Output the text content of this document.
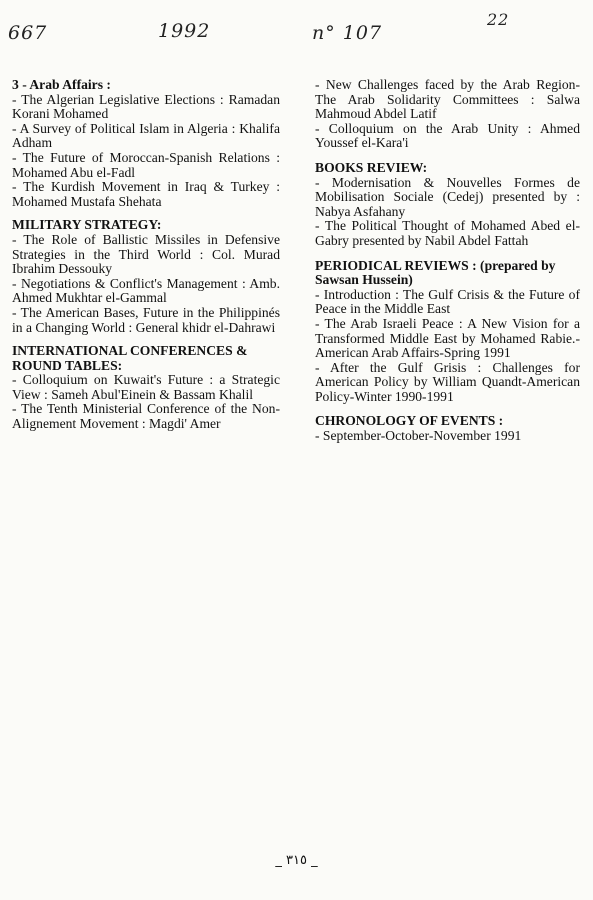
667	1992	n° 107
22
3 - Arab Affairs :
- The Algerian Legislative Elections : Ramadan Korani Mohamed
- A Survey of Political Islam in Algeria : Khalifa Adham
- The Future of Moroccan-Spanish Relations : Mohamed Abu el-Fadl
- The Kurdish Movement in Iraq & Turkey : Mohamed Mustafa Shehata
MILITARY STRATEGY:
- The Role of Ballistic Missiles in Defensive Strategies in the Third World : Col. Murad Ibrahim Dessouky
- Negotiations & Conflict's Management : Amb. Ahmed Mukhtar el-Gammal
- The American Bases, Future in the Philippinés in a Changing World : General khidr el-Dahrawi
INTERNATIONAL CONFERENCES & ROUND TABLES:
- Colloquium on Kuwait's Future : a Strategic View : Sameh Abul'Einein & Bassam Khalil
- The Tenth Ministerial Conference of the Non-Alignement Movement : Magdi' Amer
- New Challenges faced by the Arab Region-The Arab Solidarity Committees : Salwa Mahmoud Abdel Latif
- Colloquium on the Arab Unity : Ahmed Youssef el-Kara'i
BOOKS REVIEW:
- Modernisation & Nouvelles Formes de Mobilisation Sociale (Cedej) presented by : Nabya Asfahany
- The Political Thought of Mohamed Abed el-Gabry presented by Nabil Abdel Fattah
PERIODICAL REVIEWS : (prepared by Sawsan Hussein)
- Introduction : The Gulf Crisis & the Future of Peace in the Middle East
- The Arab Israeli Peace : A New Vision for a Transformed Middle East by Mohamed Rabie.- American Arab Affairs-Spring 1991
- After the Gulf Grisis : Challenges for American Policy by William Quandt-American Policy-Winter 1990-1991
CHRONOLOGY OF EVENTS :
- September-October-November 1991
_ ٣١٥ _
